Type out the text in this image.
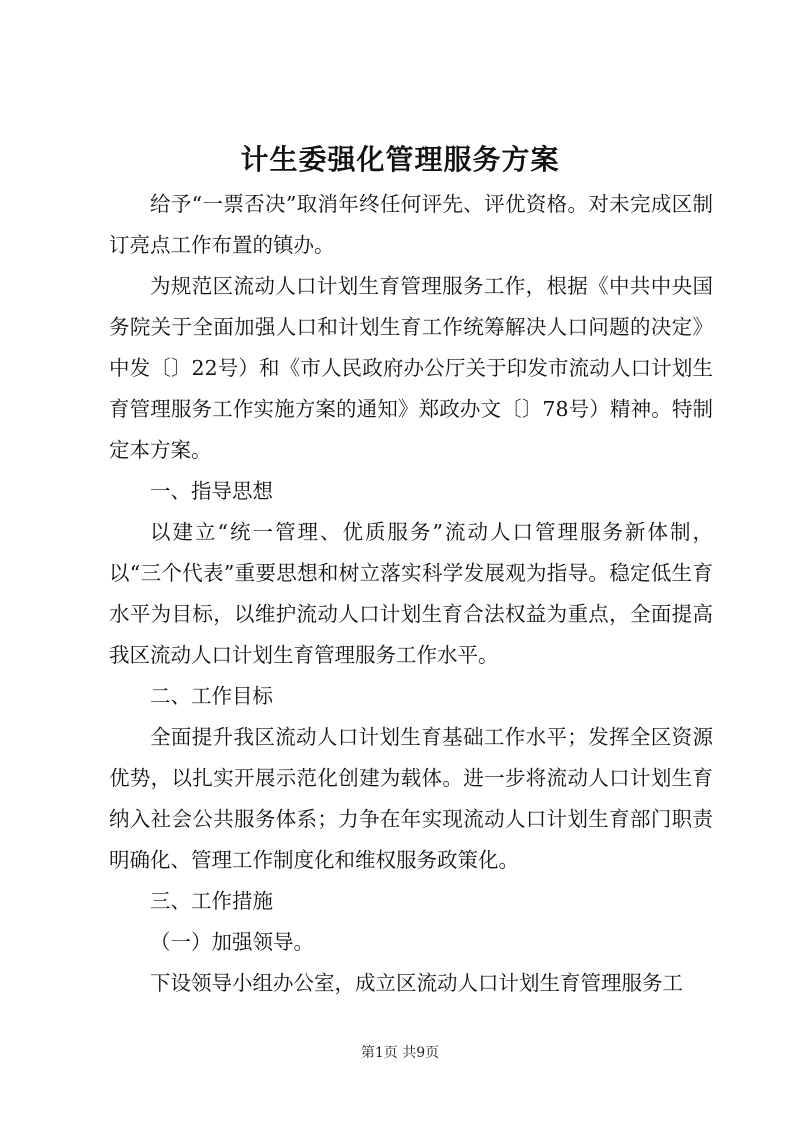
计生委强化管理服务方案

给予“一票否决”取消年终任何评先、评优资格。对未完成区制订亮点工作布置的镇办。

为规范区流动人口计划生育管理服务工作，根据《中共中央国务院关于全面加强人口和计划生育工作统筹解决人口问题的决定》中发〔〕22号）和《市人民政府办公厅关于印发市流动人口计划生育管理服务工作实施方案的通知》郑政办文〔〕78号）精神。特制定本方案。

一、指导思想

以建立“统一管理、优质服务”流动人口管理服务新体制，以“三个代表”重要思想和树立落实科学发展观为指导。稳定低生育水平为目标，以维护流动人口计划生育合法权益为重点，全面提高我区流动人口计划生育管理服务工作水平。

二、工作目标

全面提升我区流动人口计划生育基础工作水平；发挥全区资源优势，以扎实开展示范化创建为载体。进一步将流动人口计划生育纳入社会公共服务体系；力争在年实现流动人口计划生育部门职责明确化、管理工作制度化和维权服务政策化。

三、工作措施

（一）加强领导。

下设领导小组办公室，成立区流动人口计划生育管理服务工

第1页 共9页
